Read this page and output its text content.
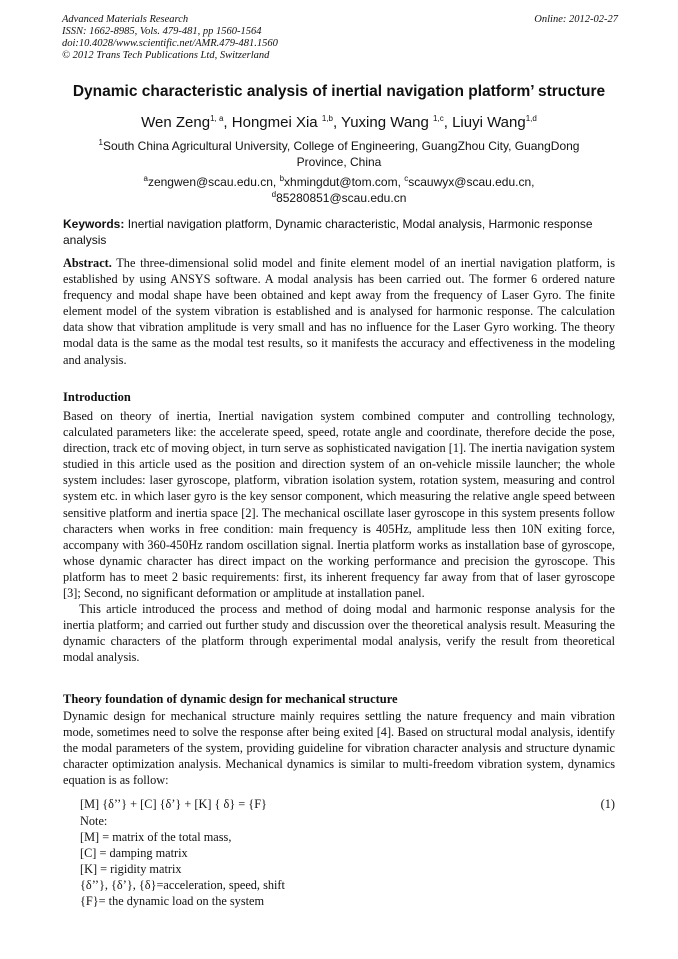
Advanced Materials Research
ISSN: 1662-8985, Vols. 479-481, pp 1560-1564
doi:10.4028/www.scientific.net/AMR.479-481.1560
© 2012 Trans Tech Publications Ltd, Switzerland
Online: 2012-02-27
Dynamic characteristic analysis of inertial navigation platform’ structure
Wen Zeng$^{1, a}$, Hongmei Xia $^{1,b}$, Yuxing Wang $^{1,c}$, Liuyi Wang$^{1,d}$
$^1$South China Agricultural University, College of Engineering, GuangZhou City, GuangDong Province, China
$^a$zengwen@scau.edu.cn, $^b$xhmingdut@tom.com, $^c$scauwyx@scau.edu.cn,
$^d$85280851@scau.edu.cn
Keywords: Inertial navigation platform, Dynamic characteristic, Modal analysis, Harmonic response analysis
Abstract. The three-dimensional solid model and finite element model of an inertial navigation platform, is established by using ANSYS software. A modal analysis has been carried out. The former 6 ordered nature frequency and modal shape have been obtained and kept away from the frequency of Laser Gyro. The finite element model of the system vibration is established and is analysed for harmonic response. The calculation data show that vibration amplitude is very small and has no influence for the Laser Gyro working. The theory modal data is the same as the modal test results, so it manifests the accuracy and effectiveness in the modeling and analysis.
Introduction

Based on theory of inertia, Inertial navigation system combined computer and controlling technology, calculated parameters like: the accelerate speed, speed, rotate angle and coordinate, therefore decide the pose, direction, track etc of moving object, in turn serve as sophisticated navigation [1]. The inertia navigation system studied in this article used as the position and direction system of an on-vehicle missile launcher; the whole system includes: laser gyroscope, platform, vibration isolation system, rotation system, measuring and control system etc. in which laser gyro is the key sensor component, which measuring the relative angle speed between sensitive platform and inertia space [2]. The mechanical oscillate laser gyroscope in this system presents follow characters when works in free condition: main frequency is 405Hz, amplitude less then 10N exiting force, accompany with 360-450Hz random oscillation signal. Inertia platform works as installation base of gyroscope, whose dynamic character has direct impact on the working performance and precision the gyroscope. This platform has to meet 2 basic requirements: first, its inherent frequency far away from that of laser gyroscope [3]; Second, no significant deformation or amplitude at installation panel.

This article introduced the process and method of doing modal and harmonic response analysis for the inertia platform; and carried out further study and discussion over the theoretical analysis result. Measuring the dynamic characters of the platform through experimental modal analysis, verify the result from theoretical modal analysis.

Theory foundation of dynamic design for mechanical structure

Dynamic design for mechanical structure mainly requires settling the nature frequency and main vibration mode, sometimes need to solve the response after being exited [4]. Based on structural modal analysis, identify the modal parameters of the system, providing guideline for vibration character analysis and structure dynamic character optimization analysis. Mechanical dynamics is similar to multi-freedom vibration system, dynamics equation is as follow:

[M] {δ’’} + [C] {δ’} + [K] { δ} = {F}	(1)
Note:
[M] = matrix of the total mass,
[C] = damping matrix
[K] = rigidity matrix
{δ’’}, {δ’}, {δ}=acceleration, speed, shift
{F}= the dynamic load on the system
